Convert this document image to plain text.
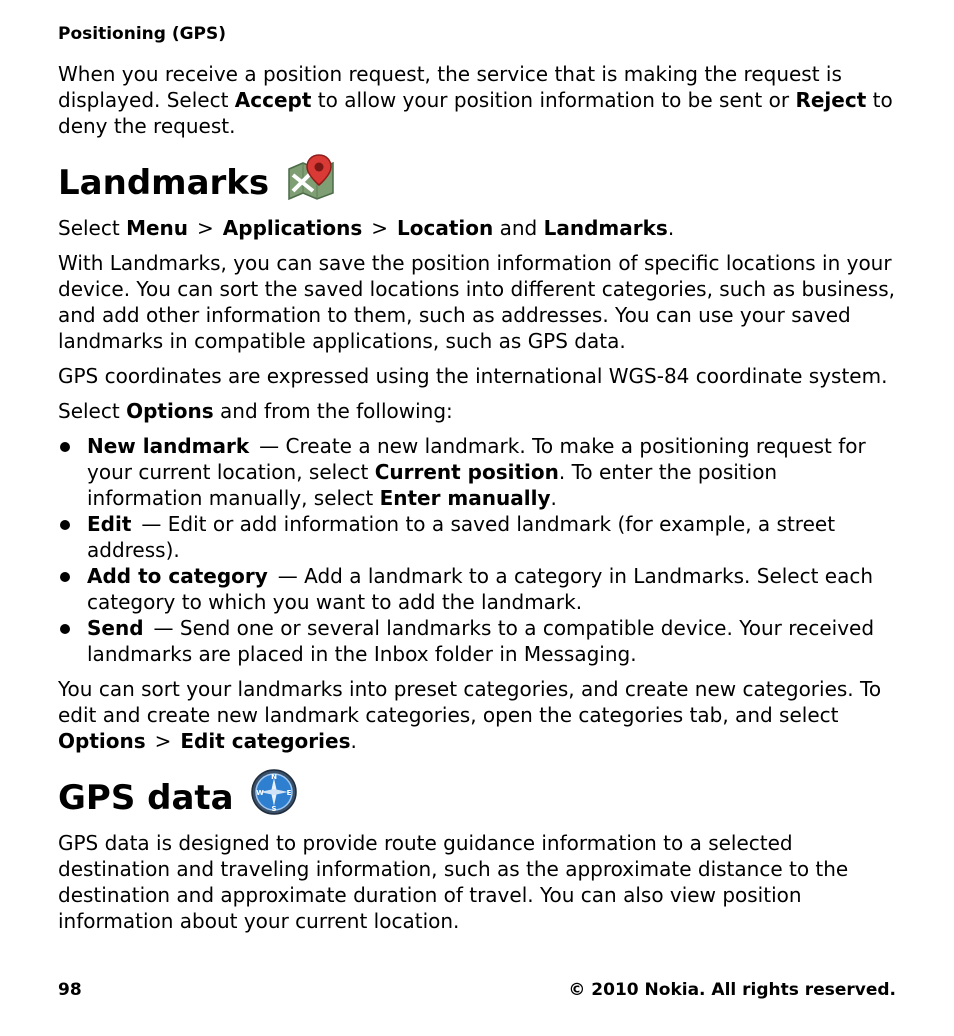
Positioning (GPS)

When you receive a position request, the service that is making the request is displayed. Select Accept to allow your position information to be sent or Reject to deny the request.

Landmarks

Select Menu > Applications > Location and Landmarks.

With Landmarks, you can save the position information of specific locations in your device. You can sort the saved locations into different categories, such as business, and add other information to them, such as addresses. You can use your saved landmarks in compatible applications, such as GPS data.

GPS coordinates are expressed using the international WGS-84 coordinate system.

Select Options and from the following:

New landmark — Create a new landmark. To make a positioning request for your current location, select Current position. To enter the position information manually, select Enter manually.
Edit — Edit or add information to a saved landmark (for example, a street address).
Add to category — Add a landmark to a category in Landmarks. Select each category to which you want to add the landmark.
Send — Send one or several landmarks to a compatible device. Your received landmarks are placed in the Inbox folder in Messaging.

You can sort your landmarks into preset categories, and create new categories. To edit and create new landmark categories, open the categories tab, and select Options > Edit categories.

GPS data
N
S
E
W

GPS data is designed to provide route guidance information to a selected destination and traveling information, such as the approximate distance to the destination and approximate duration of travel. You can also view position information about your current location.

98	© 2010 Nokia. All rights reserved.
